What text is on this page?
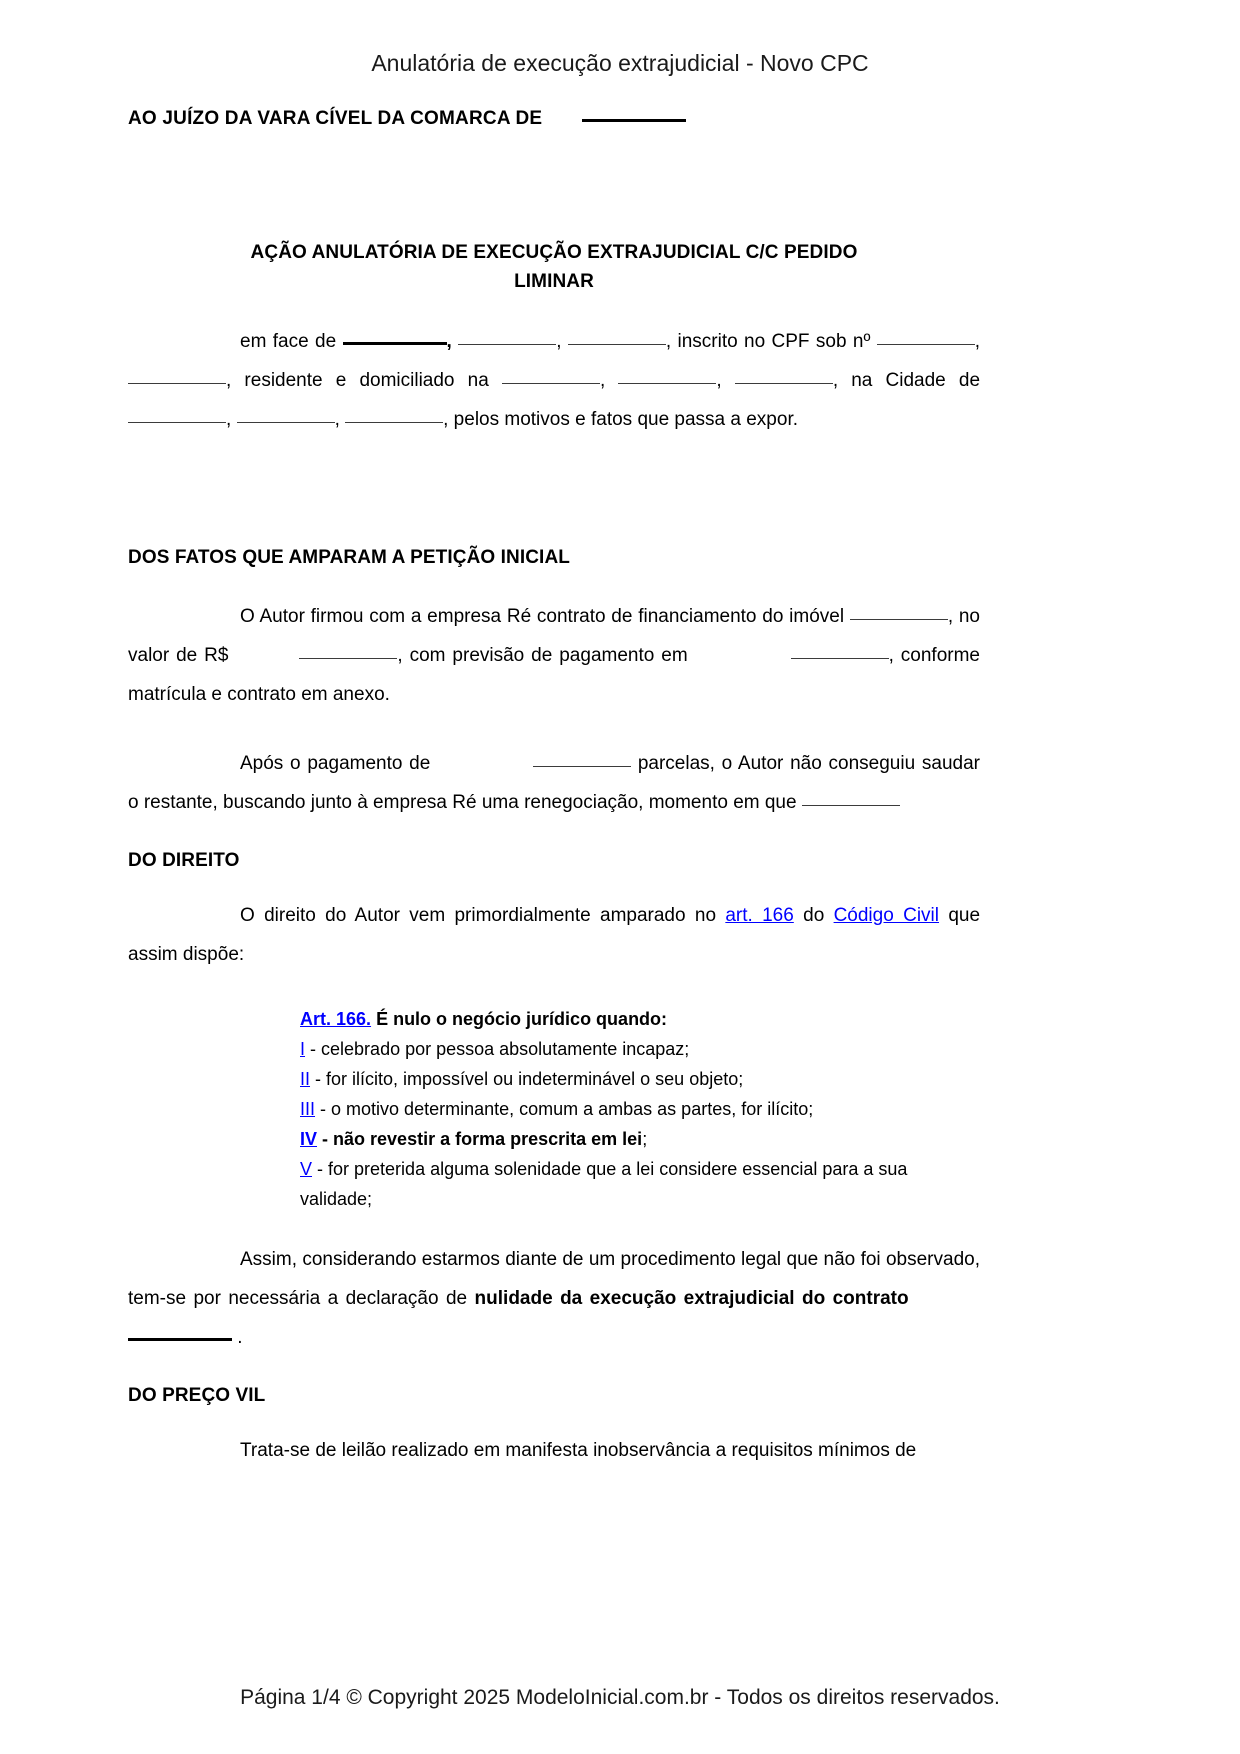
Anulatória de execução extrajudicial - Novo CPC

AO JUÍZO DA VARA CÍVEL DA COMARCA DE

AÇÃO ANULATÓRIA DE EXECUÇÃO EXTRAJUDICIAL C/C PEDIDO

LIMINAR

em face de	,	,	, inscrito no CPF sob nº	, , residente e domiciliado na	,	,	, na Cidade de ,	,	, pelos motivos e fatos que passa a expor.

DOS FATOS QUE AMPARAM A PETIÇÃO INICIAL

O Autor firmou com a empresa Ré contrato de financiamento do imóvel	, no valor de R$	, com previsão de pagamento em	, conforme matrícula e contrato em anexo.

Após o pagamento de	parcelas, o Autor não conseguiu saudar o restante, buscando junto à empresa Ré uma renegociação, momento em que

DO DIREITO

O direito do Autor vem primordialmente amparado no art. 166 do Código Civil que assim dispõe:

Art. 166. É nulo o negócio jurídico quando:
I - celebrado por pessoa absolutamente incapaz;
II - for ilícito, impossível ou indeterminável o seu objeto;
III - o motivo determinante, comum a ambas as partes, for ilícito;
IV - não revestir a forma prescrita em lei;
V - for preterida alguma solenidade que a lei considere essencial para a sua validade;

Assim, considerando estarmos diante de um procedimento legal que não foi observado, tem-se por necessária a declaração de nulidade da execução extrajudicial do contrato  .

DO PREÇO VIL

Trata-se de leilão realizado em manifesta inobservância a requisitos mínimos de

Página 1/4 © Copyright 2025 ModeloInicial.com.br - Todos os direitos reservados.
